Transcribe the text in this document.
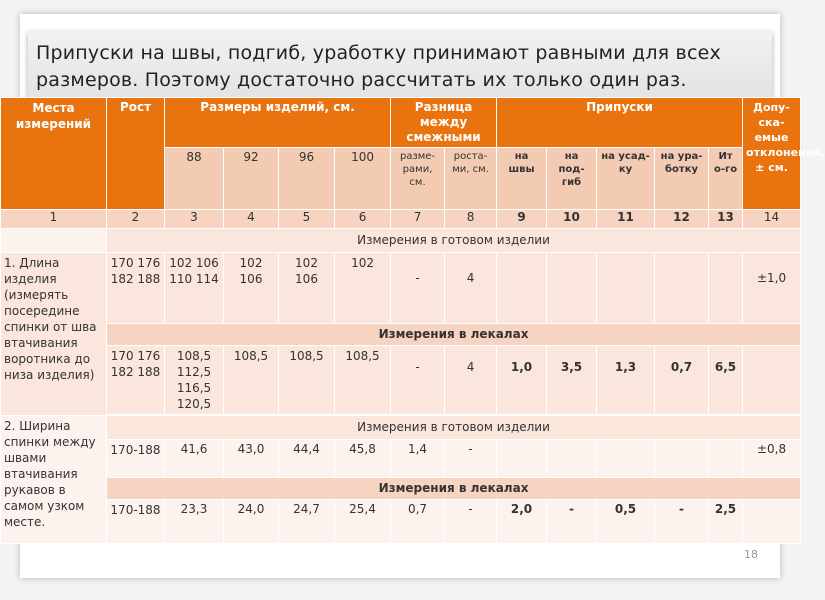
Припуски на швы, подгиб, уработку принимают равными для всех размеров. Поэтому достаточно рассчитать их только один раз.
Места измерений	Рост	Размеры изделий, см.				Разница между смежными		Припуски					Допу-ска-емые отклонения, ± см.
		88	92	96	100	разме-рами, см.	роста-ми, см.	на швы	на под-гиб	на усад-ку	на ура-ботку	Ит о-го	
1	2	3	4	5	6	7	8	9	10	11	12	13	14
	Измерения в готовом изделии												
1. Длина изделия (измерять посередине спинки от шва втачивания воротника до низа изделия)	170 176 182 188	102 106 110 114	102 106	102 106	102	-	4						±1,0
	Измерения в лекалах												
	170 176 182 188	108,5 112,5 116,5 120,5	108,5	108,5	108,5	-	4	1,0	3,5	1,3	0,7	6,5	

2. Ширина спинки между швами втачивания рукавов в самом узком месте.	Измерения в готовом изделии												
	170-188	41,6	43,0	44,4	45,8	1,4	-						±0,8
	Измерения в лекалах												
	170-188	23,3	24,0	24,7	25,4	0,7	-	2,0	-	0,5	-	2,5	
18
